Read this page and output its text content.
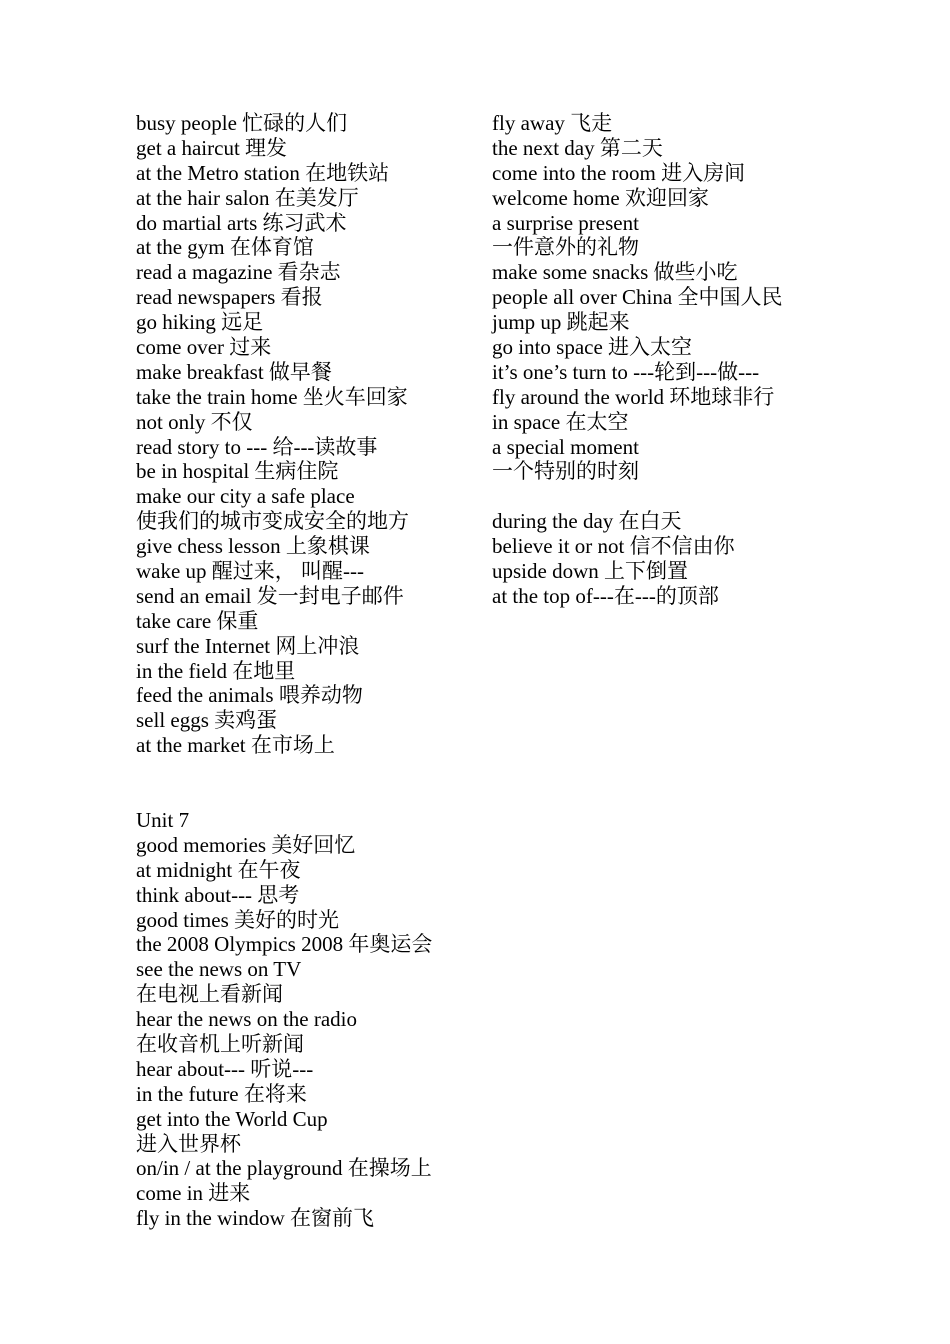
busy people 忙碌的人们
get a haircut 理发
at the Metro station 在地铁站
at the hair salon 在美发厅
do martial arts 练习武术
at the gym 在体育馆
read a magazine 看杂志
read newspapers 看报
go hiking 远足
come over 过来
make breakfast 做早餐
take the train home 坐火车回家
not only 不仅
read story to --- 给---读故事
be in hospital 生病住院
make our city a safe place
使我们的城市变成安全的地方
give chess lesson 上象棋课
wake up 醒过来， 叫醒---
send an email 发一封电子邮件
take care 保重
surf the Internet 网上冲浪
in the field 在地里
feed the animals 喂养动物
sell eggs 卖鸡蛋
at the market 在市场上
Unit 7
good memories 美好回忆
at midnight 在午夜
think about--- 思考
good times 美好的时光
the 2008 Olympics 2008 年奥运会
see the news on TV
在电视上看新闻
hear the news on the radio
在收音机上听新闻
hear about--- 听说---
in the future 在将来
get into the World Cup
进入世界杯
on/in / at the playground 在操场上
come in 进来
fly in the window 在窗前飞
fly away 飞走
the next day 第二天
come into the room 进入房间
welcome home 欢迎回家
a surprise present
一件意外的礼物
make some snacks 做些小吃
people all over China 全中国人民
jump up 跳起来
go into space 进入太空
it’s one’s turn to ---轮到---做---
fly around the world 环地球非行
in space 在太空
a special moment
一个特别的时刻
during the day 在白天
believe it or not 信不信由你
upside down 上下倒置
at the top of---在---的顶部
